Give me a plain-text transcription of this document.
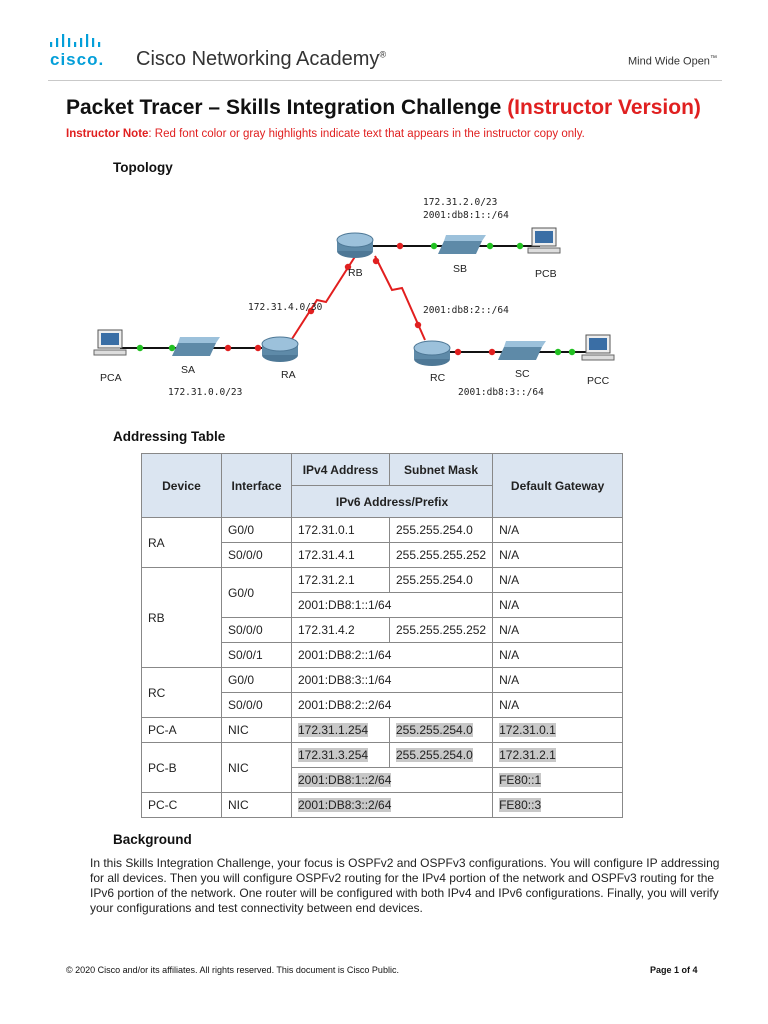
cisco. Cisco Networking Academy®
Mind Wide Open™
Packet Tracer – Skills Integration Challenge (Instructor Version)
Instructor Note: Red font color or gray highlights indicate text that appears in the instructor copy only.
Topology
172.31.2.0/23
2001:db8:1::/64
172.31.4.0/30	2001:db8:2::/64
172.31.0.0/23	2001:db8:3::/64
RB	SB	PCB
PCA
SA	RA	RC	SC
PCC
Addressing Table
Device	Interface	IPv4 Address	Subnet Mask	Default Gateway
		IPv6 Address/Prefix		
RA	G0/0	172.31.0.1	255.255.254.0	N/A
	S0/0/0	172.31.4.1	255.255.255.252	N/A
RB	G0/0	172.31.2.1	255.255.254.0	N/A
		2001:DB8:1::1/64		N/A
	S0/0/0	172.31.4.2	255.255.255.252	N/A
	S0/0/1	2001:DB8:2::1/64		N/A
RC	G0/0	2001:DB8:3::1/64		N/A
	S0/0/0	2001:DB8:2::2/64		N/A
PC-A	NIC	172.31.1.254	255.255.254.0	172.31.0.1
PC-B	NIC	172.31.3.254	255.255.254.0	172.31.2.1
		2001:DB8:1::2/64		FE80::1
PC-C	NIC	2001:DB8:3::2/64		FE80::3
Background
In this Skills Integration Challenge, your focus is OSPFv2 and OSPFv3 configurations. You will configure IP addressing for all devices. Then you will configure OSPFv2 routing for the IPv4 portion of the network and OSPFv3 routing for the IPv6 portion of the network. One router will be configured with both IPv4 and IPv6 configurations. Finally, you will verify your configurations and test connectivity between end devices.
© 2020 Cisco and/or its affiliates. All rights reserved. This document is Cisco Public.	Page 1 of 4
